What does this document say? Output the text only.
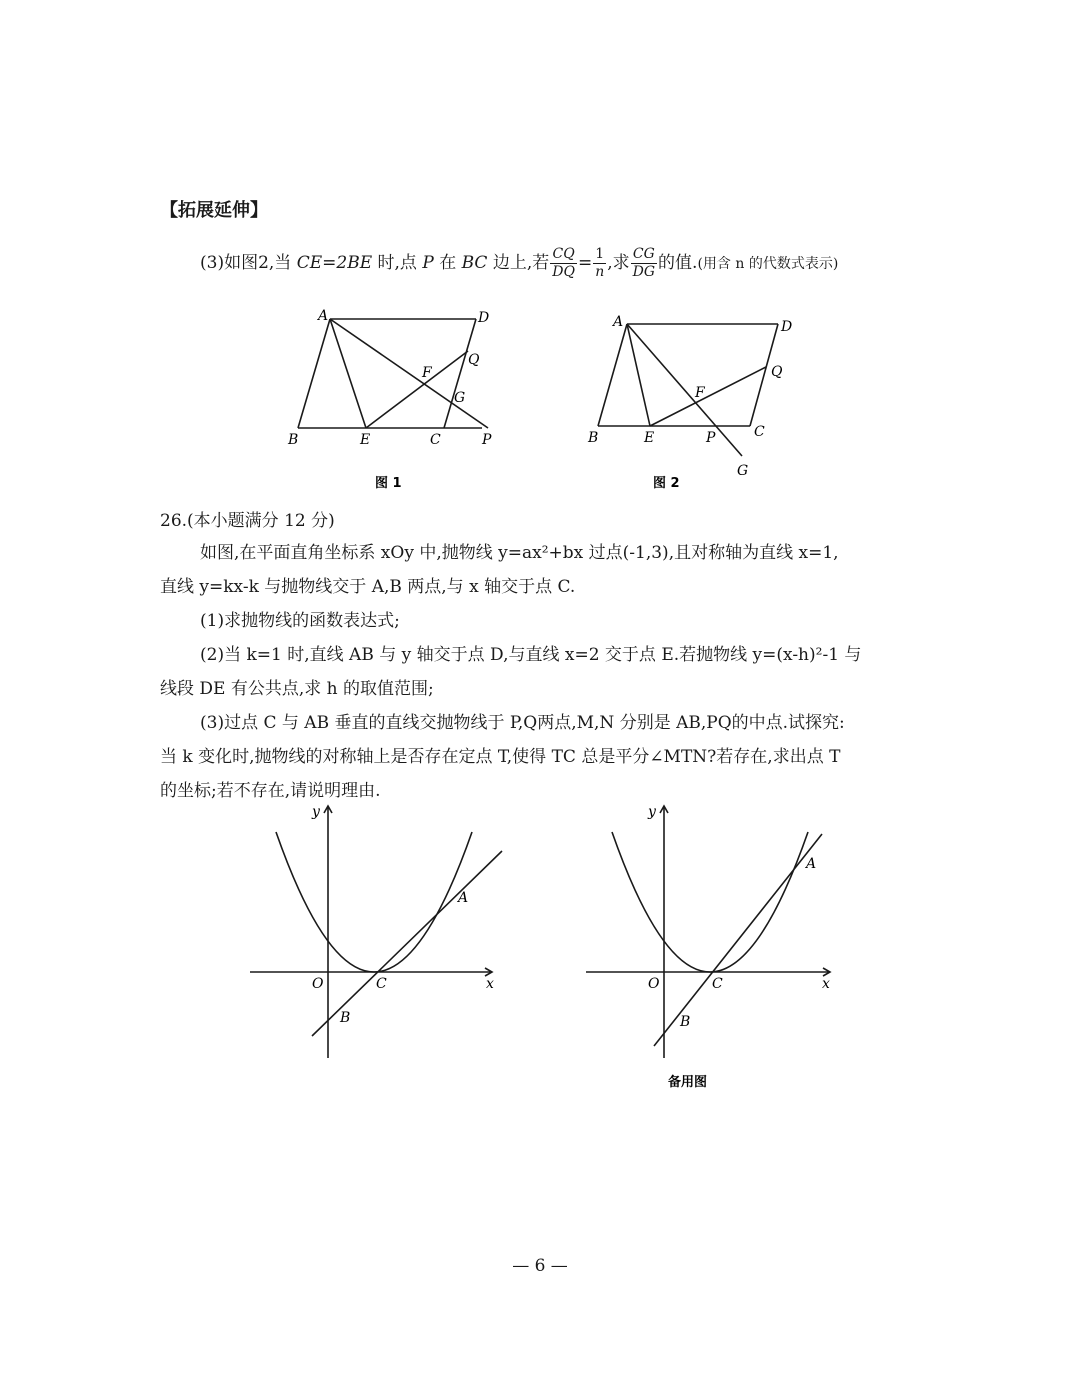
【拓展延伸】
(3)如图2,当 CE=2BE 时,点 P 在 BC 边上,若 $\frac{CQ}{DQ} = \frac{1}{n}$ ,求 $\frac{CG}{DG}$ 的值.(用含 n 的代数式表示)
A	D
B	E	C	P
F
Q
G
图 1
A	D
B	E	P	C
F
Q
G
图 2
26.(本小题满分 12 分)
如图,在平面直角坐标系 xOy 中,抛物线 y=ax²+bx 过点(-1,3),且对称轴为直线 x=1,
直线 y=kx-k 与抛物线交于 A,B 两点,与 x 轴交于点 C.
(1)求抛物线的函数表达式;
(2)当 k=1 时,直线 AB 与 y 轴交于点 D,与直线 x=2 交于点 E.若抛物线 y=(x-h)²-1 与
线段 DE 有公共点,求 h 的取值范围;
(3)过点 C 与 AB 垂直的直线交抛物线于 P,Q两点,M,N 分别是 AB,PQ的中点.试探究:
当 k 变化时,抛物线的对称轴上是否存在定点 T,使得 TC 总是平分∠MTN?若存在,求出点 T
的坐标;若不存在,请说明理由.
y
x
O	C
A
B
y
x
O	C
A
B
备用图
— 6 —
